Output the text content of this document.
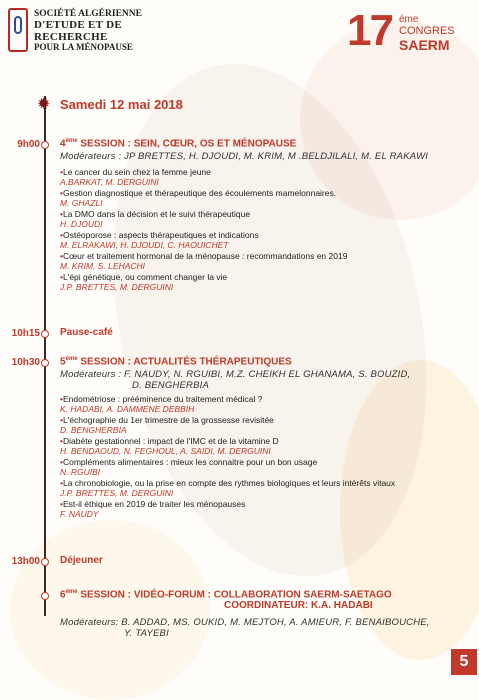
SOCIÉTÉ ALGÉRIENNE
D'ETUDE ET DE
RECHERCHE
POUR LA MÉNOPAUSE	17 ème
CONGRES
SAERM
✹ Samedi 12 mai 2018
9h00 4ème SESSION : SEIN, CŒUR, OS ET MÉNOPAUSE
Modérateurs : JP BRETTES, H. DJOUDI, M. KRIM, M .BELDJILALI, M. EL RAKAWI
•Le cancer du sein chez la femme jeune
A.BARKAT, M. DERGUINI
•Gestion diagnostique et thérapeutique des écoulements mamelonnaires.
M. GHAZLI
•La DMO dans la décision et le suivi thérapeutique
H. DJOUDI
•Ostéoporose : aspects thérapeutiques et indications
M. ELRAKAWI, H. DJOUDI, C. HAOUICHET
•Cœur et traitement hormonal de la ménopause : recommandations en 2019
M. KRIM, S. LEHACHI
•L'épi génétique, ou comment changer la vie
J.P. BRETTES, M. DERGUINI
10h15 Pause-café
10h30 5ème SESSION : ACTUALITÉS THÉRAPEUTIQUES
Modérateurs : F. NAUDY, N. RGUIBI, M.Z. CHEIKH EL GHANAMA, S. BOUZID,
D. BENGHERBIA
•Endométriose : prééminence du traitement médical ?
K. HADABI, A. DAMMENE DEBBIH
•L'échographie du 1er trimestre de la grossesse revisitée
D. BENGHERBIA
•Diabète gestationnel : impact de l'IMC et de la vitamine D
H. BENDAOUD, N. FEGHOUL, A. SAIDI, M. DERGUINI
•Compléments alimentaires : mieux les connaitre pour un bon usage
N. RGUIBI
•La chronobiologie, ou la prise en compte des rythmes biologiques et leurs intérêts vitaux
J.P. BRETTES, M. DERGUINI
•Est-il éthique en 2019 de traiter les ménopauses
F. NAUDY
13h00 Déjeuner
6ème SESSION : VIDÉO-FORUM : COLLABORATION SAERM-SAETAGO
COORDINATEUR: K.A. HADABI
Modérateurs: B. ADDAD, MS. OUKID, M. MEJTOH, A. AMIEUR, F. BENAIBOUCHE,
Y. TAYEBI
5
